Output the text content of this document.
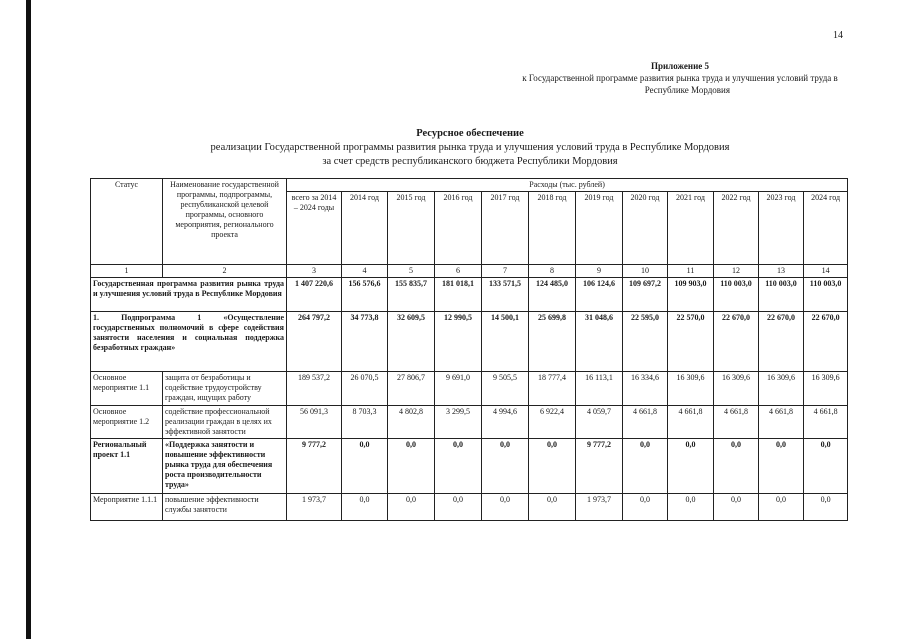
14
Приложение 5
к Государственной программе развития рынка труда и улучшения условий труда в
Республике Мордовия
Ресурсное обеспечение
реализации Государственной программы развития рынка труда и улучшения условий труда в Республике Мордовия
за счет средств республиканского бюджета Республики Мордовия
Статус	Наименование государственной программы, подпрограммы, республиканской целевой программы, основного мероприятия, регионального проекта	Расходы (тыс. рублей)											
		всего за 2014 – 2024 годы	2014 год	2015 год	2016 год	2017 год	2018 год	2019 год	2020 год	2021 год	2022 год	2023 год	2024 год
1	2	3	4	5	6	7	8	9	10	11	12	13	14
Государственная программа развития рынка труда и улучшения условий труда в Республике Мордовия		1 407 220,6	156 576,6	155 835,7	181 018,1	133 571,5	124 485,0	106 124,6	109 697,2	109 903,0	110 003,0	110 003,0	110 003,0
1. Подпрограмма 1 «Осуществление государственных полномочий в сфере содействия занятости населения и социальная поддержка безработных граждан»		264 797,2	34 773,8	32 609,5	12 990,5	14 500,1	25 699,8	31 048,6	22 595,0	22 570,0	22 670,0	22 670,0	22 670,0
Основное мероприятие 1.1	защита от безработицы и содействие трудоустройству граждан, ищущих работу	189 537,2	26 070,5	27 806,7	9 691,0	9 505,5	18 777,4	16 113,1	16 334,6	16 309,6	16 309,6	16 309,6	16 309,6
Основное мероприятие 1.2	содействие профессиональной реализации граждан в целях их эффективной занятости	56 091,3	8 703,3	4 802,8	3 299,5	4 994,6	6 922,4	4 059,7	4 661,8	4 661,8	4 661,8	4 661,8	4 661,8
Региональный проект 1.1	«Поддержка занятости и повышение эффективности рынка труда для обеспечения роста производительности труда»	9 777,2	0,0	0,0	0,0	0,0	0,0	9 777,2	0,0	0,0	0,0	0,0	0,0
Мероприятие 1.1.1	повышение эффективности службы занятости	1 973,7	0,0	0,0	0,0	0,0	0,0	1 973,7	0,0	0,0	0,0	0,0	0,0
